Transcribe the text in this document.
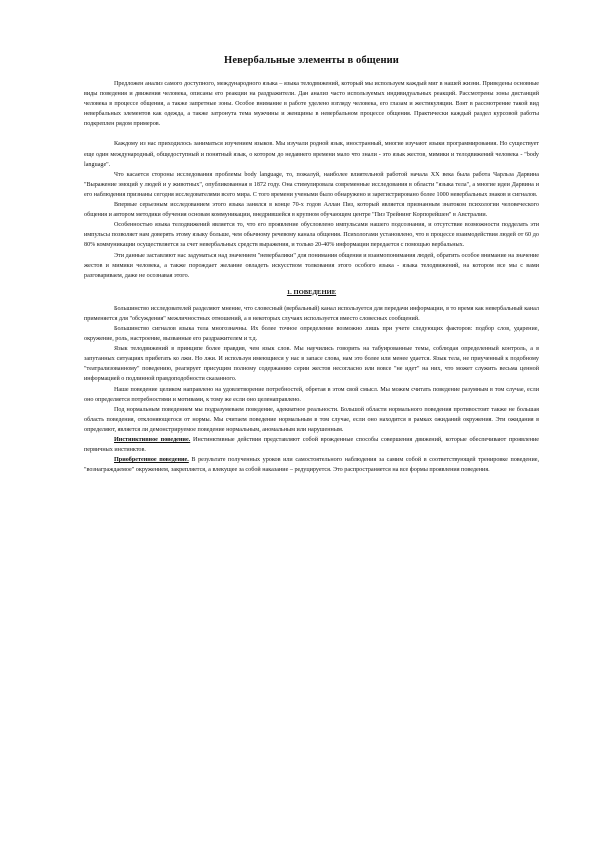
Невербальные элементы в общении

Предложен анализ самого доступного, международного языка – языка телодвижений, который мы используем каждый миг в нашей жизни. Приведены основные виды поведения и движения человека, описаны его реакции на раздражители. Дан анализ часто используемых индивидуальных реакций. Рассмотрены зоны дистанций человека в процессе общения, а также запретные зоны. Особое внимание в работе уделено взгляду человека, его глазам и жестикуляции. Взят в рассмотрение такой вид невербальных элементов как одежда, а также затронута тема мужчины и женщины в невербальном процессе общения. Практически каждый раздел курсовой работы подкреплен рядом примеров.

Каждому из нас приходилось заниматься изучением языков. Мы изучали родной язык, иностранный, многие изучают языки программирования. Но существует еще один международный, общедоступный и понятный язык, о котором до недавнего времени мало что знали - это язык жестов, мимики и телодвижений человека - "body language".

Что касается стороны исследования проблемы body language, то, пожалуй, наиболее влиятельной работой начала XX века была работа Чарльза Дарвина "Выражение эмоций у людей и у животных", опубликованная в 1872 году. Она стимулировала современные исследования в области "языка тела", а многие идеи Дарвина и его наблюдения признаны сегодня исследователями всего мира. С того времени учеными было обнаружено и зарегистрировано более 1000 невербальных знаков и сигналов.

Впервые серьезным исследованием этого языка занялся в конце 70-х годов Аллан Пиз, который является признанным знатоком психологии человеческого общения и автором методики обучения основам коммуникации, внедрившейся в крупном обучающем центре "Пиз Трейнинг Корпорейшен" в Австралии.

Особенностью языка телодвижений является то, что его проявление обусловлено импульсами нашего подсознания, и отсутствие возможности подделать эти импульсы позволяет нам доверять этому языку больше, чем обычному речевому канала общения. Психологами установлено, что в процессе взаимодействия людей от 60 до 80% коммуникации осуществляется за счет невербальных средств выражения, и только 20-40% информации передается с помощью вербальных.

Эти данные заставляют нас задуматься над значением "невербалики" для понимания общения и взаимопонимания людей, обратить особое внимание на значение жестов и мимики человека, а также порождает желание овладеть искусством толкования этого особого языка - языка телодвижений, на котором все мы с вами разговариваем, даже не осознавая этого.

1. ПОВЕДЕНИЕ

Большинство исследователей разделяют мнение, что словесный (вербальный) канал используется для передачи информации, в то время как невербальный канал применяется для "обсуждения" межличностных отношений, а в некоторых случаях используется вместо словесных сообщений.

Большинство сигналов языка тела многозначны. Их более точное определение возможно лишь при учете следующих факторов: подбор слов, ударение, окружение, роль, настроение, вызванные его раздражителем и т.д.

Язык телодвижений в принципе более правдив, чем язык слов. Мы научились говорить на табуированные темы, соблюдая определенный контроль, а в запутанных ситуациях прибегать ко лжи. Но лжи. И используя имеющиеся у нас в запасе слова, нам это более или менее удается. Язык тела, не приученный к подобному "театрализованному" поведению, реагирует присущим полному содержанию серии жестов несогласно или вовсе "не идет" на них, что может служить весьма ценной информацией о подлинной правдоподобности сказанного.

Наше поведение целиком направлено на удовлетворение потребностей, обретая в этом свой смысл. Мы можем считать поведение разумным в том случае, если оно определяется потребностями и мотивами, к тому же если оно целенаправлено.

Под нормальным поведением мы подразумеваем поведение, адекватное реальности. Большой области нормального поведения противостоит также не большая область поведения, отклоняющегося от нормы. Мы считаем поведение нормальным в том случае, если оно находится в рамках ожиданий окружения. Эти ожидания в определяют, является ли демонстрируемое поведение нормальным, аномальным или нарушенным.

Инстинктивное поведение. Инстинктивные действия представляют собой врожденные способы совершения движений, которые обеспечивают проявление первичных инстинктов.

Приобретенное поведение. В результате полученных уроков или самостоятельного наблюдения за самим собой в соответствующей тренировке поведение, "вознаграждаемое" окружением, закрепляется, а влекущее за собой наказание – редуцируется. Это распространяется на все формы проявления поведения.
